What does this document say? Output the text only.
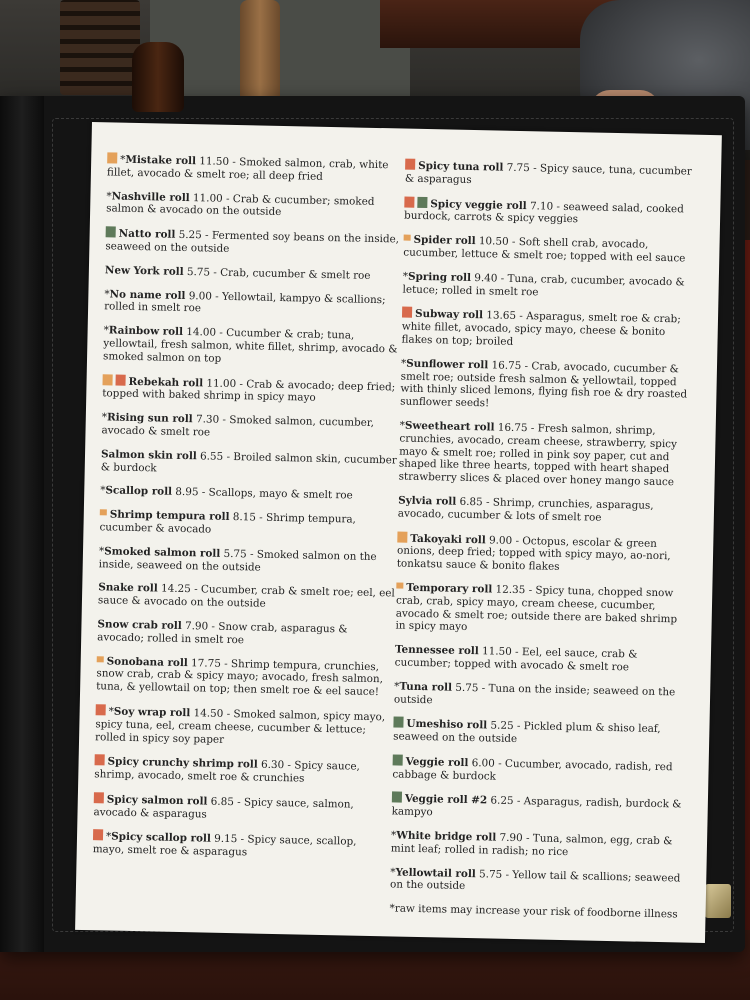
*Mistake roll 11.50 - Smoked salmon, crab, white fillet, avocado & smelt roe; all deep fried
*Nashville roll 11.00 - Crab & cucumber; smoked salmon & avocado on the outside
Natto roll 5.25 - Fermented soy beans on the inside, seaweed on the outside
New York roll 5.75 - Crab, cucumber & smelt roe
*No name roll 9.00 - Yellowtail, kampyo & scallions; rolled in smelt roe
*Rainbow roll 14.00 - Cucumber & crab; tuna, yellowtail, fresh salmon, white fillet, shrimp, avocado & smoked salmon on top
Rebekah roll 11.00 - Crab & avocado; deep fried; topped with baked shrimp in spicy mayo
*Rising sun roll 7.30 - Smoked salmon, cucumber, avocado & smelt roe
Salmon skin roll 6.55 - Broiled salmon skin, cucumber & burdock
*Scallop roll 8.95 - Scallops, mayo & smelt roe
Shrimp tempura roll 8.15 - Shrimp tempura, cucumber & avocado
*Smoked salmon roll 5.75 - Smoked salmon on the inside, seaweed on the outside
Snake roll 14.25 - Cucumber, crab & smelt roe; eel, eel sauce & avocado on the outside
Snow crab roll 7.90 - Snow crab, asparagus & avocado; rolled in smelt roe
Sonobana roll 17.75 - Shrimp tempura, crunchies, snow crab, crab & spicy mayo; avocado, fresh salmon, tuna, & yellowtail on top; then smelt roe & eel sauce!
*Soy wrap roll 14.50 - Smoked salmon, spicy mayo, spicy tuna, eel, cream cheese, cucumber & lettuce; rolled in spicy soy paper
Spicy crunchy shrimp roll 6.30 - Spicy sauce, shrimp, avocado, smelt roe & crunchies
Spicy salmon roll 6.85 - Spicy sauce, salmon, avocado & asparagus
*Spicy scallop roll 9.15 - Spicy sauce, scallop, mayo, smelt roe & asparagus
Spicy tuna roll 7.75 - Spicy sauce, tuna, cucumber & asparagus
Spicy veggie roll 7.10 - seaweed salad, cooked burdock, carrots & spicy veggies
Spider roll 10.50 - Soft shell crab, avocado, cucumber, lettuce & smelt roe; topped with eel sauce
*Spring roll 9.40 - Tuna, crab, cucumber, avocado & letuce; rolled in smelt roe
Subway roll 13.65 - Asparagus, smelt roe & crab; white fillet, avocado, spicy mayo, cheese & bonito flakes on top; broiled
*Sunflower roll 16.75 - Crab, avocado, cucumber & smelt roe; outside fresh salmon & yellowtail, topped with thinly sliced lemons, flying fish roe & dry roasted sunflower seeds!
*Sweetheart roll 16.75 - Fresh salmon, shrimp, crunchies, avocado, cream cheese, strawberry, spicy mayo & smelt roe; rolled in pink soy paper, cut and shaped like three hearts, topped with heart shaped strawberry slices & placed over honey mango sauce
Sylvia roll 6.85 - Shrimp, crunchies, asparagus, avocado, cucumber & lots of smelt roe
Takoyaki roll 9.00 - Octopus, escolar & green onions, deep fried; topped with spicy mayo, ao-nori, tonkatsu sauce & bonito flakes
Temporary roll 12.35 - Spicy tuna, chopped snow crab, crab, spicy mayo, cream cheese, cucumber, avocado & smelt roe; outside there are baked shrimp in spicy mayo
Tennessee roll 11.50 - Eel, eel sauce, crab & cucumber; topped with avocado & smelt roe
*Tuna roll 5.75 - Tuna on the inside; seaweed on the outside
Umeshiso roll 5.25 - Pickled plum & shiso leaf, seaweed on the outside
Veggie roll 6.00 - Cucumber, avocado, radish, red cabbage & burdock
Veggie roll #2 6.25 - Asparagus, radish, burdock & kampyo
*White bridge roll 7.90 - Tuna, salmon, egg, crab & mint leaf; rolled in radish; no rice
*Yellowtail roll 5.75 - Yellow tail & scallions; seaweed on the outside
*raw items may increase your risk of foodborne illness
